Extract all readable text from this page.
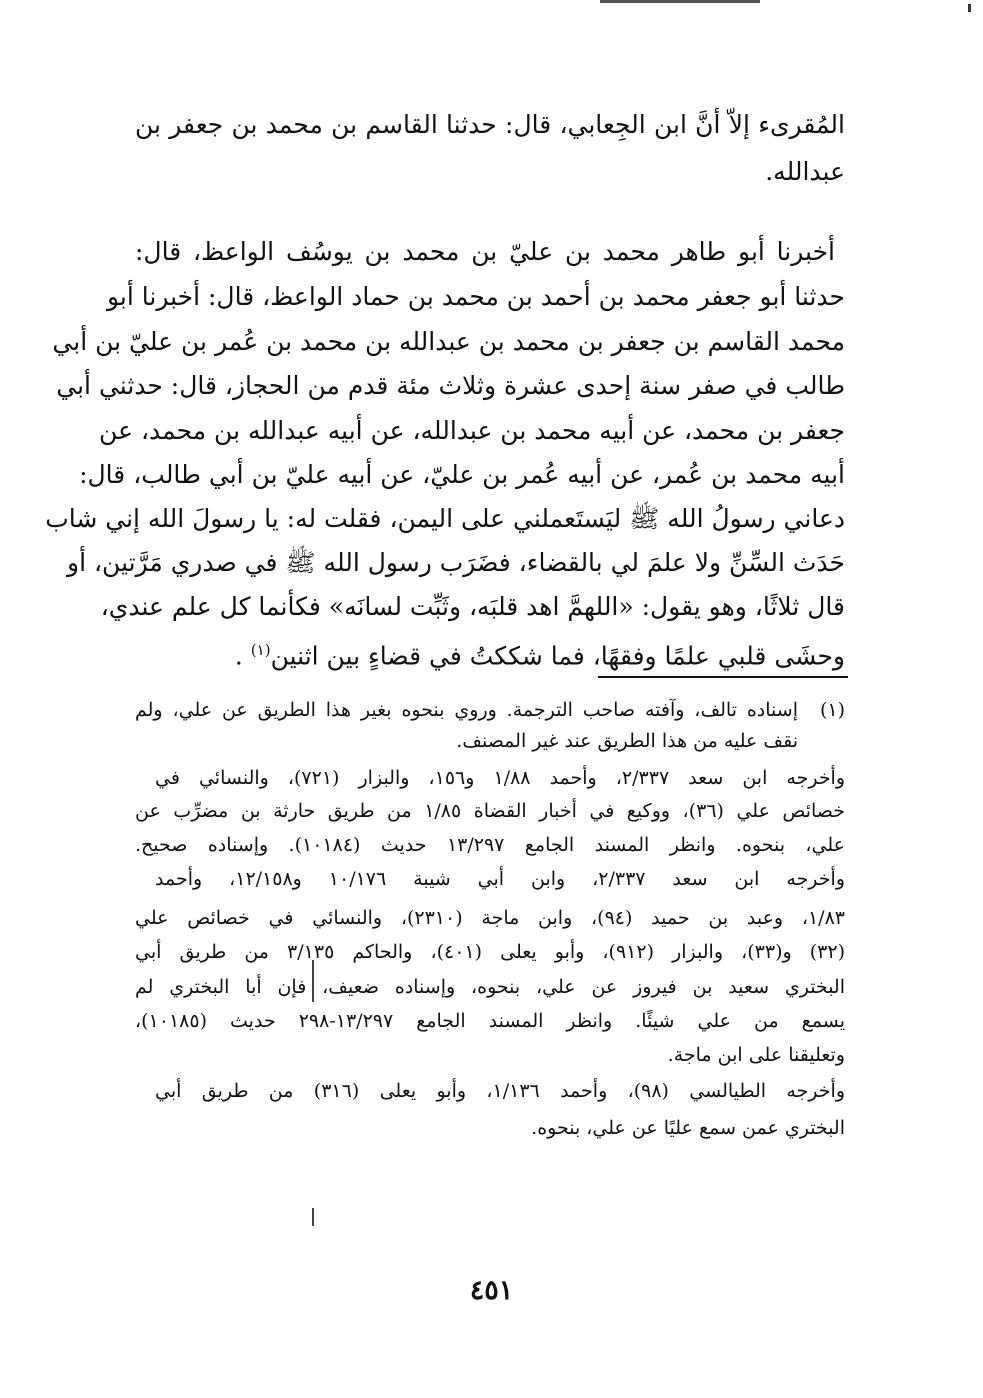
المُقرىء إلاّ أنَّ ابن الجِعابي، قال: حدثنا القاسم بن محمد بن جعفر بن
عبدالله.
أخبرنا أبو طاهر محمد بن عليّ بن محمد بن يوسُف الواعظ، قال:
حدثنا أبو جعفر محمد بن أحمد بن محمد بن حماد الواعظ، قال: أخبرنا أبو
محمد القاسم بن جعفر بن محمد بن عبدالله بن محمد بن عُمر بن عليّ بن أبي
طالب في صفر سنة إحدى عشرة وثلاث مئة قدم من الحجاز، قال: حدثني أبي
جعفر بن محمد، عن أبيه محمد بن عبدالله، عن أبيه عبدالله بن محمد، عن
أبيه محمد بن عُمر، عن أبيه عُمر بن عليّ، عن أبيه عليّ بن أبي طالب، قال:
دعاني رسولُ الله ﷺ ليَستَعملني على اليمن، فقلت له: يا رسولَ الله إني شاب
حَدَث السِّنِّ ولا علمَ لي بالقضاء، فضَرَب رسول الله ﷺ في صدري مَرَّتين، أو
قال ثلاثًا، وهو يقول: «اللهمَّ اهد قلبَه، وثَبِّت لسانَه» فكأنما كل علم عندي،
وحشَى قلبي علمًا وفقهًا، فما شككتُ في قضاءٍ بين اثنين$^{(١)}$ .
(١)
إسناده تالف، وآفته صاحب الترجمة. وروي بنحوه بغير هذا الطريق عن علي، ولم
نقف عليه من هذا الطريق عند غير المصنف.
وأخرجه ابن سعد ٢/٣٣٧، وأحمد ١/٨٨ و١٥٦، والبزار (٧٢١)، والنسائي في
خصائص علي (٣٦)، ووكيع في أخبار القضاة ١/٨٥ من طريق حارثة بن مضرِّب عن
علي، بنحوه. وانظر المسند الجامع ١٣/٢٩٧ حديث (١٠١٨٤). وإسناده صحيح.
وأخرجه ابن سعد ٢/٣٣٧، وابن أبي شيبة ١٠/١٧٦ و١٢/١٥٨، وأحمد
١/٨٣، وعبد بن حميد (٩٤)، وابن ماجة (٢٣١٠)، والنسائي في خصائص علي
(٣٢) و(٣٣)، والبزار (٩١٢)، وأبو يعلى (٤٠١)، والحاكم ٣/١٣٥ من طريق أبي
البختري سعيد بن فيروز عن علي، بنحوه، وإسناده ضعيف، فإن أبا البختري لم
يسمع من علي شيئًا. وانظر المسند الجامع ١٣/٢٩٧-٢٩٨ حديث (١٠١٨٥)،
وتعليقنا على ابن ماجة.
وأخرجه الطيالسي (٩٨)، وأحمد ١/١٣٦، وأبو يعلى (٣١٦) من طريق أبي
البختري عمن سمع عليًا عن علي، بنحوه.
٤٥١
